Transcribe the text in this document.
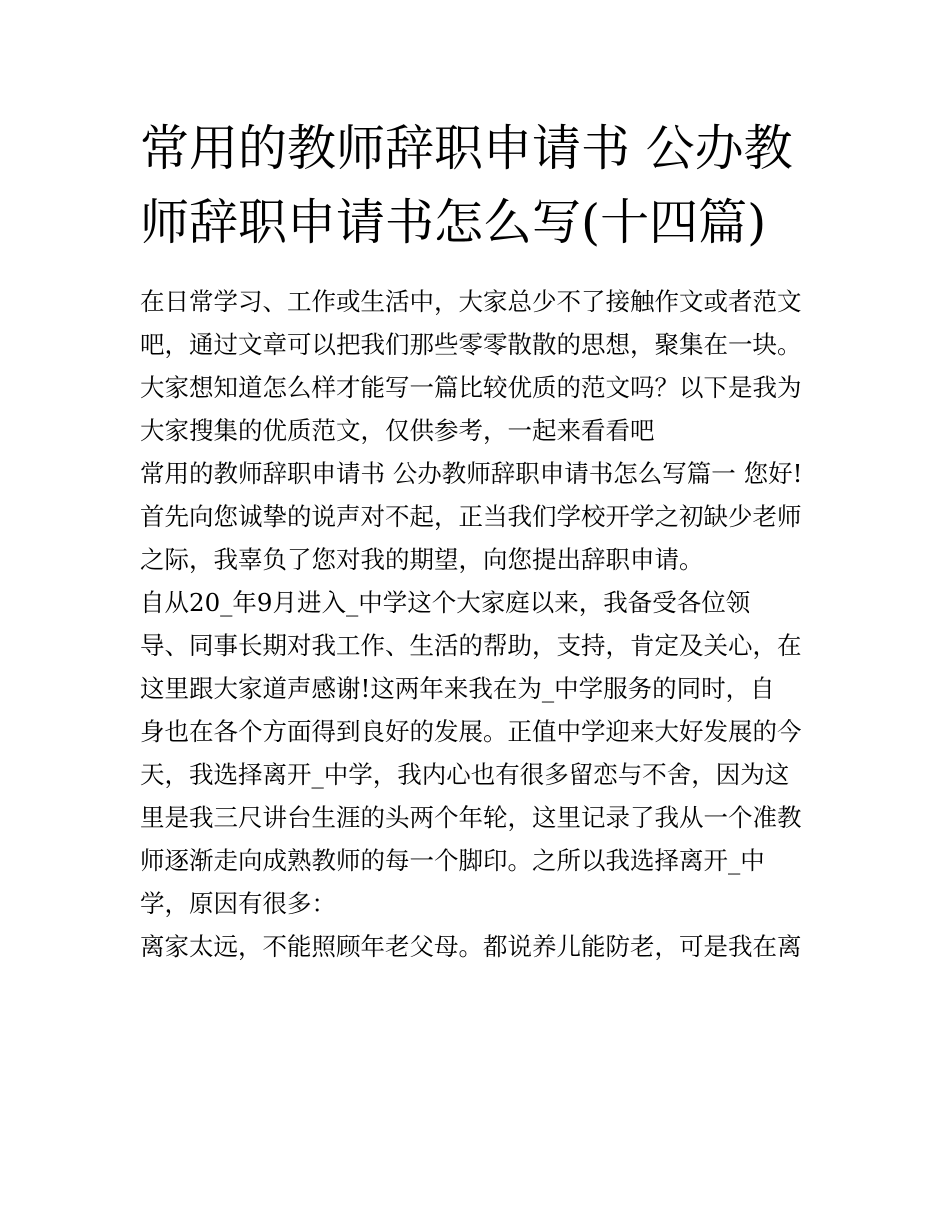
常用的教师辞职申请书 公办教
师辞职申请书怎么写(十四篇)
在日常学习、工作或生活中，大家总少不了接触作文或者范文
吧，通过文章可以把我们那些零零散散的思想，聚集在一块。
大家想知道怎么样才能写一篇比较优质的范文吗？以下是我为
大家搜集的优质范文，仅供参考，一起来看看吧
常用的教师辞职申请书 公办教师辞职申请书怎么写篇一 您好!
首先向您诚挚的说声对不起，正当我们学校开学之初缺少老师
之际，我辜负了您对我的期望，向您提出辞职申请。
自从20_年9月进入_中学这个大家庭以来，我备受各位领
导、同事长期对我工作、生活的帮助，支持，肯定及关心，在
这里跟大家道声感谢!这两年来我在为_中学服务的同时，自
身也在各个方面得到良好的发展。正值中学迎来大好发展的今
天，我选择离开_中学，我内心也有很多留恋与不舍，因为这
里是我三尺讲台生涯的头两个年轮，这里记录了我从一个准教
师逐渐走向成熟教师的每一个脚印。之所以我选择离开_中
学，原因有很多：
离家太远，不能照顾年老父母。都说养儿能防老，可是我在离
